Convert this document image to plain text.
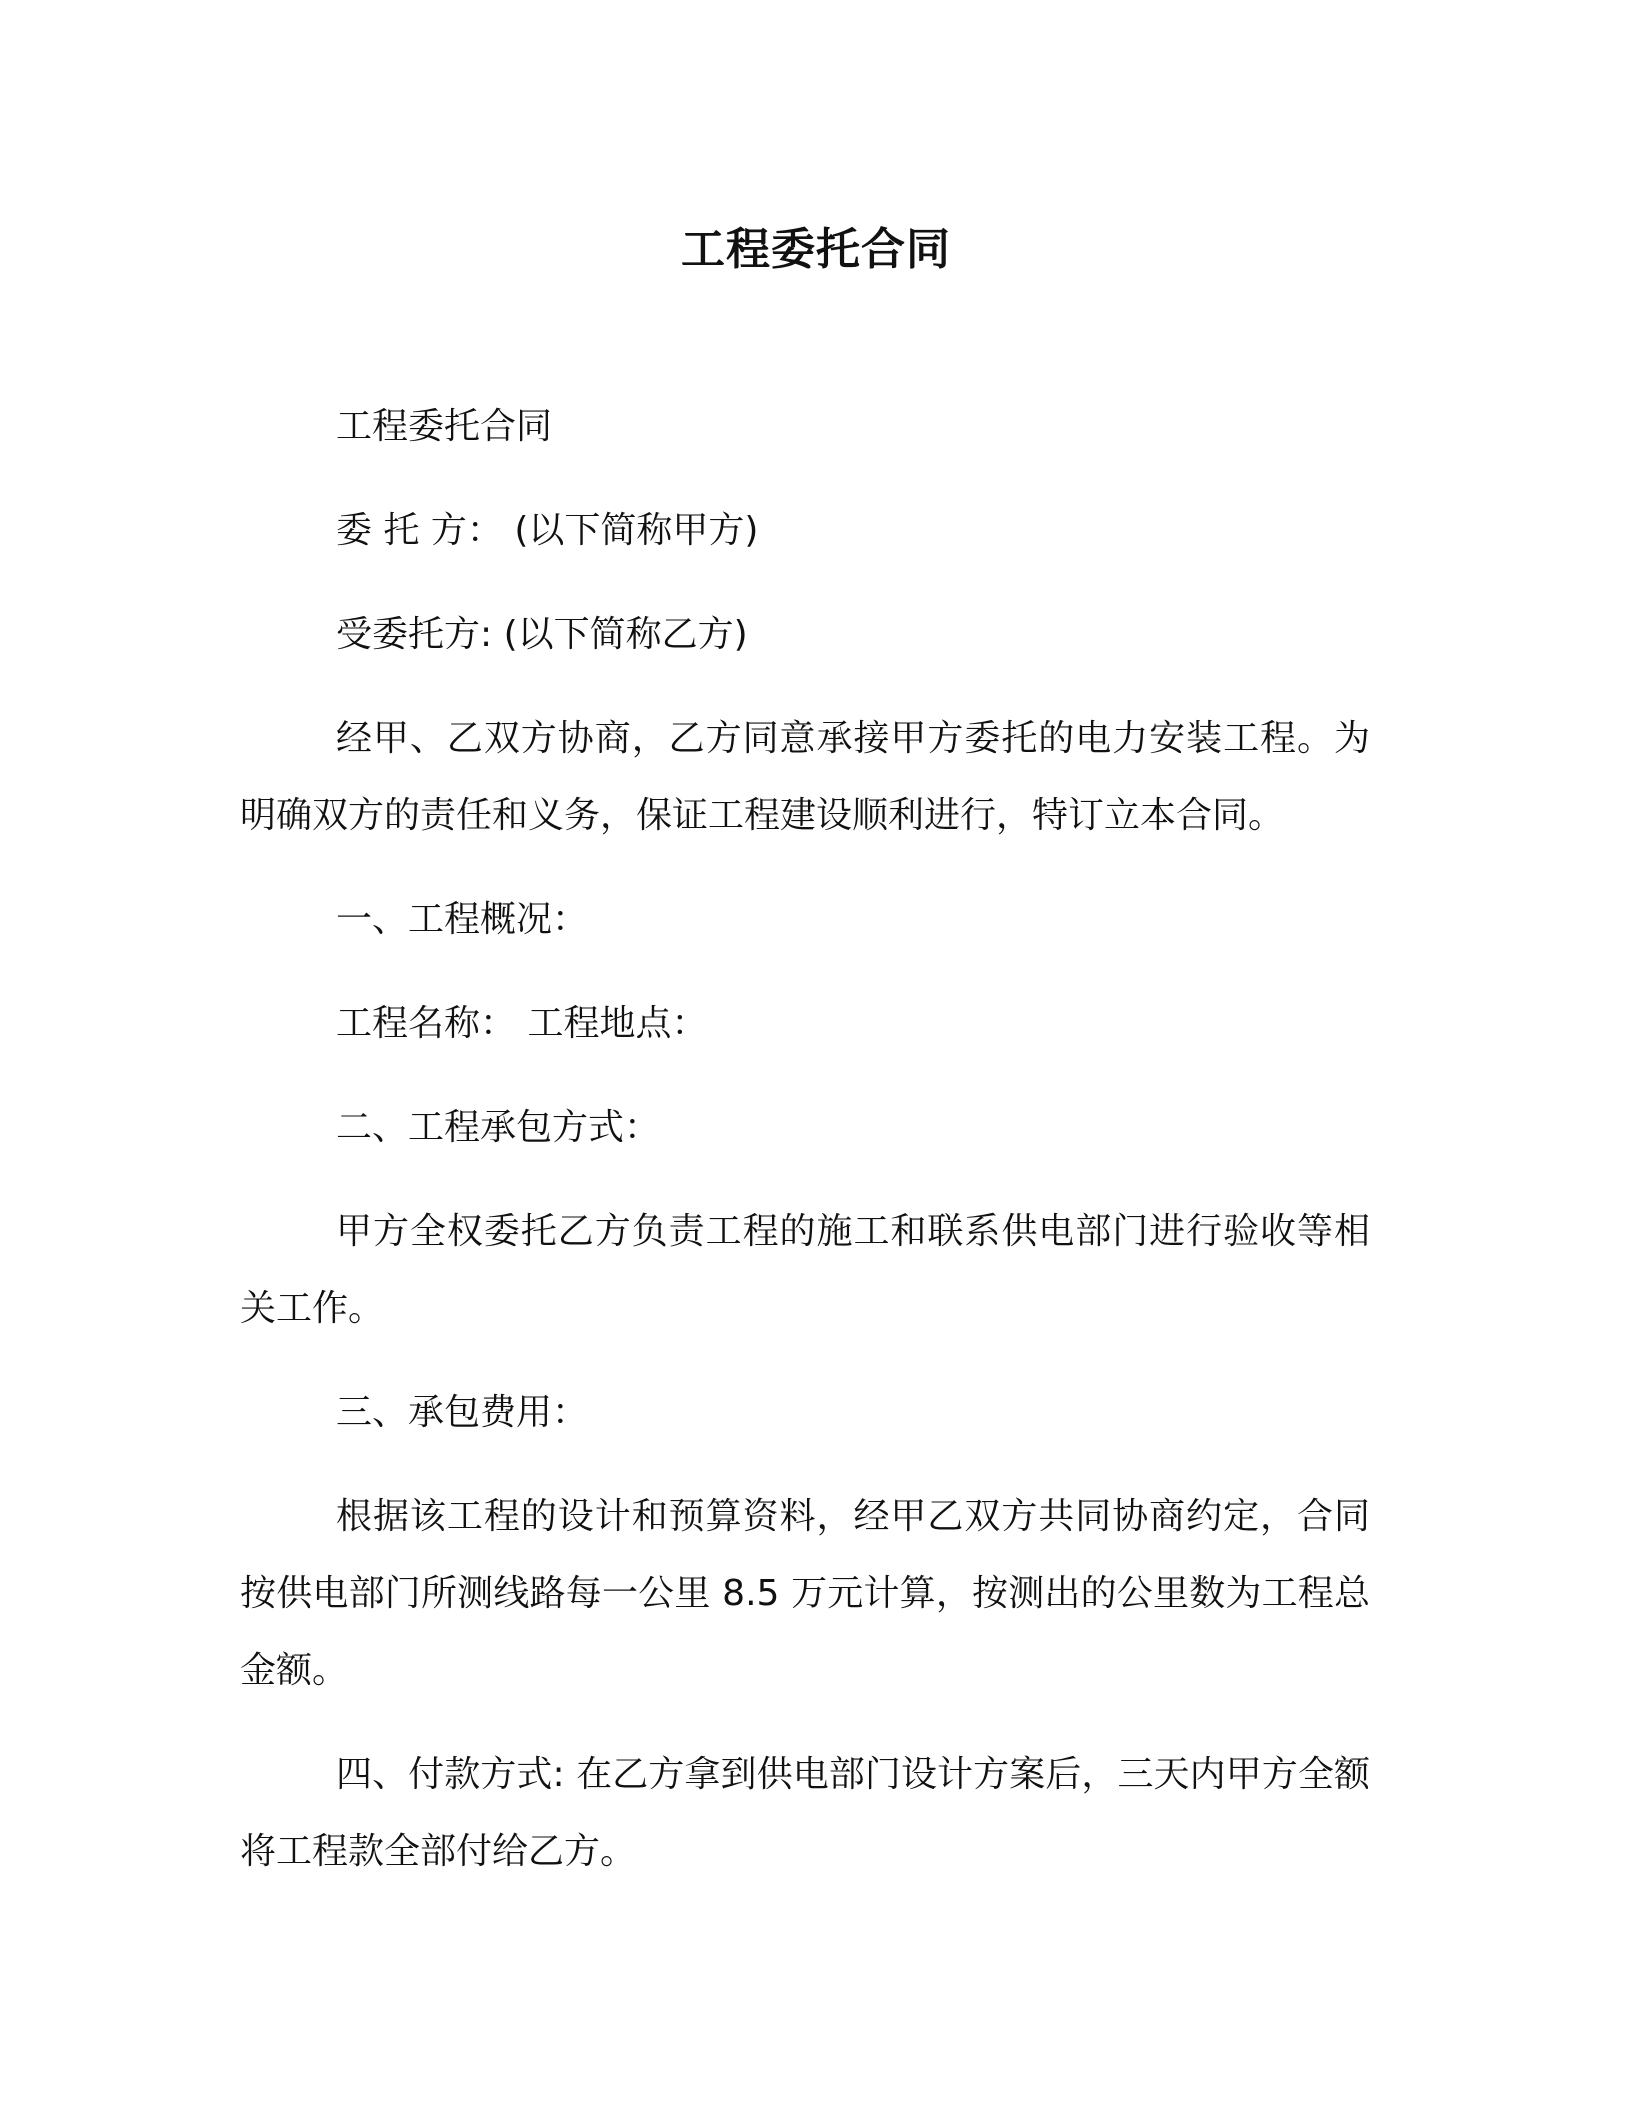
工程委托合同

工程委托合同

委 托 方： (以下简称甲方)

受委托方: (以下简称乙方)

经甲、乙双方协商，乙方同意承接甲方委托的电力安装工程。为明确双方的责任和义务，保证工程建设顺利进行，特订立本合同。

一、工程概况：

工程名称： 工程地点：

二、工程承包方式：

甲方全权委托乙方负责工程的施工和联系供电部门进行验收等相关工作。

三、承包费用：

根据该工程的设计和预算资料，经甲乙双方共同协商约定，合同按供电部门所测线路每一公里 8.5 万元计算，按测出的公里数为工程总金额。

四、付款方式: 在乙方拿到供电部门设计方案后，三天内甲方全额将工程款全部付给乙方。
